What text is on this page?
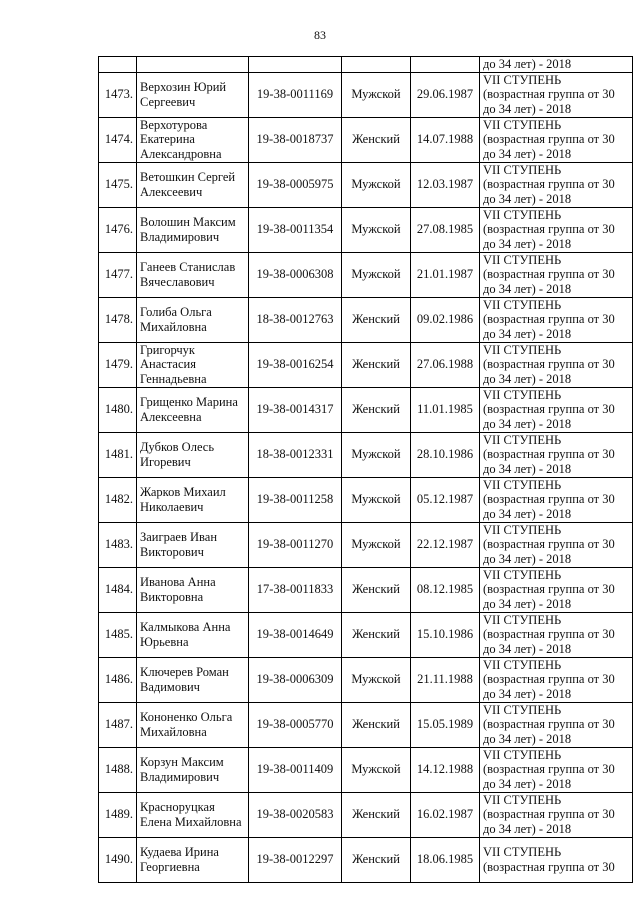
83

					до 34 лет) - 2018

1473.	Верхозин Юрий Сергеевич	19-38-0011169	Мужской	29.06.1987	VII СТУПЕНЬ
(возрастная группа от 30
до 34 лет) - 2018

1474.	Верхотурова Екатерина Александровна	19-38-0018737	Женский	14.07.1988	VII СТУПЕНЬ
(возрастная группа от 30
до 34 лет) - 2018

1475.	Ветошкин Сергей Алексеевич	19-38-0005975	Мужской	12.03.1987	VII СТУПЕНЬ
(возрастная группа от 30
до 34 лет) - 2018

1476.	Волошин Максим Владимирович	19-38-0011354	Мужской	27.08.1985	VII СТУПЕНЬ
(возрастная группа от 30
до 34 лет) - 2018

1477.	Ганеев Станислав Вячеславович	19-38-0006308	Мужской	21.01.1987	VII СТУПЕНЬ
(возрастная группа от 30
до 34 лет) - 2018

1478.	Голиба Ольга Михайловна	18-38-0012763	Женский	09.02.1986	VII СТУПЕНЬ
(возрастная группа от 30
до 34 лет) - 2018

1479.	Григорчук Анастасия Геннадьевна	19-38-0016254	Женский	27.06.1988	VII СТУПЕНЬ
(возрастная группа от 30
до 34 лет) - 2018

1480.	Грищенко Марина Алексеевна	19-38-0014317	Женский	11.01.1985	VII СТУПЕНЬ
(возрастная группа от 30
до 34 лет) - 2018

1481.	Дубков Олесь Игоревич	18-38-0012331	Мужской	28.10.1986	VII СТУПЕНЬ
(возрастная группа от 30
до 34 лет) - 2018

1482.	Жарков Михаил Николаевич	19-38-0011258	Мужской	05.12.1987	VII СТУПЕНЬ
(возрастная группа от 30
до 34 лет) - 2018

1483.	Заиграев Иван Викторович	19-38-0011270	Мужской	22.12.1987	VII СТУПЕНЬ
(возрастная группа от 30
до 34 лет) - 2018

1484.	Иванова Анна Викторовна	17-38-0011833	Женский	08.12.1985	VII СТУПЕНЬ
(возрастная группа от 30
до 34 лет) - 2018

1485.	Калмыкова Анна Юрьевна	19-38-0014649	Женский	15.10.1986	VII СТУПЕНЬ
(возрастная группа от 30
до 34 лет) - 2018

1486.	Ключерев Роман Вадимович	19-38-0006309	Мужской	21.11.1988	VII СТУПЕНЬ
(возрастная группа от 30
до 34 лет) - 2018

1487.	Кононенко Ольга Михайловна	19-38-0005770	Женский	15.05.1989	VII СТУПЕНЬ
(возрастная группа от 30
до 34 лет) - 2018

1488.	Корзун Максим Владимирович	19-38-0011409	Мужской	14.12.1988	VII СТУПЕНЬ
(возрастная группа от 30
до 34 лет) - 2018

1489.	Красноруцкая Елена Михайловна	19-38-0020583	Женский	16.02.1987	VII СТУПЕНЬ
(возрастная группа от 30
до 34 лет) - 2018

1490.	Кудаева Ирина Георгиевна	19-38-0012297	Женский	18.06.1985	VII СТУПЕНЬ
(возрастная группа от 30
